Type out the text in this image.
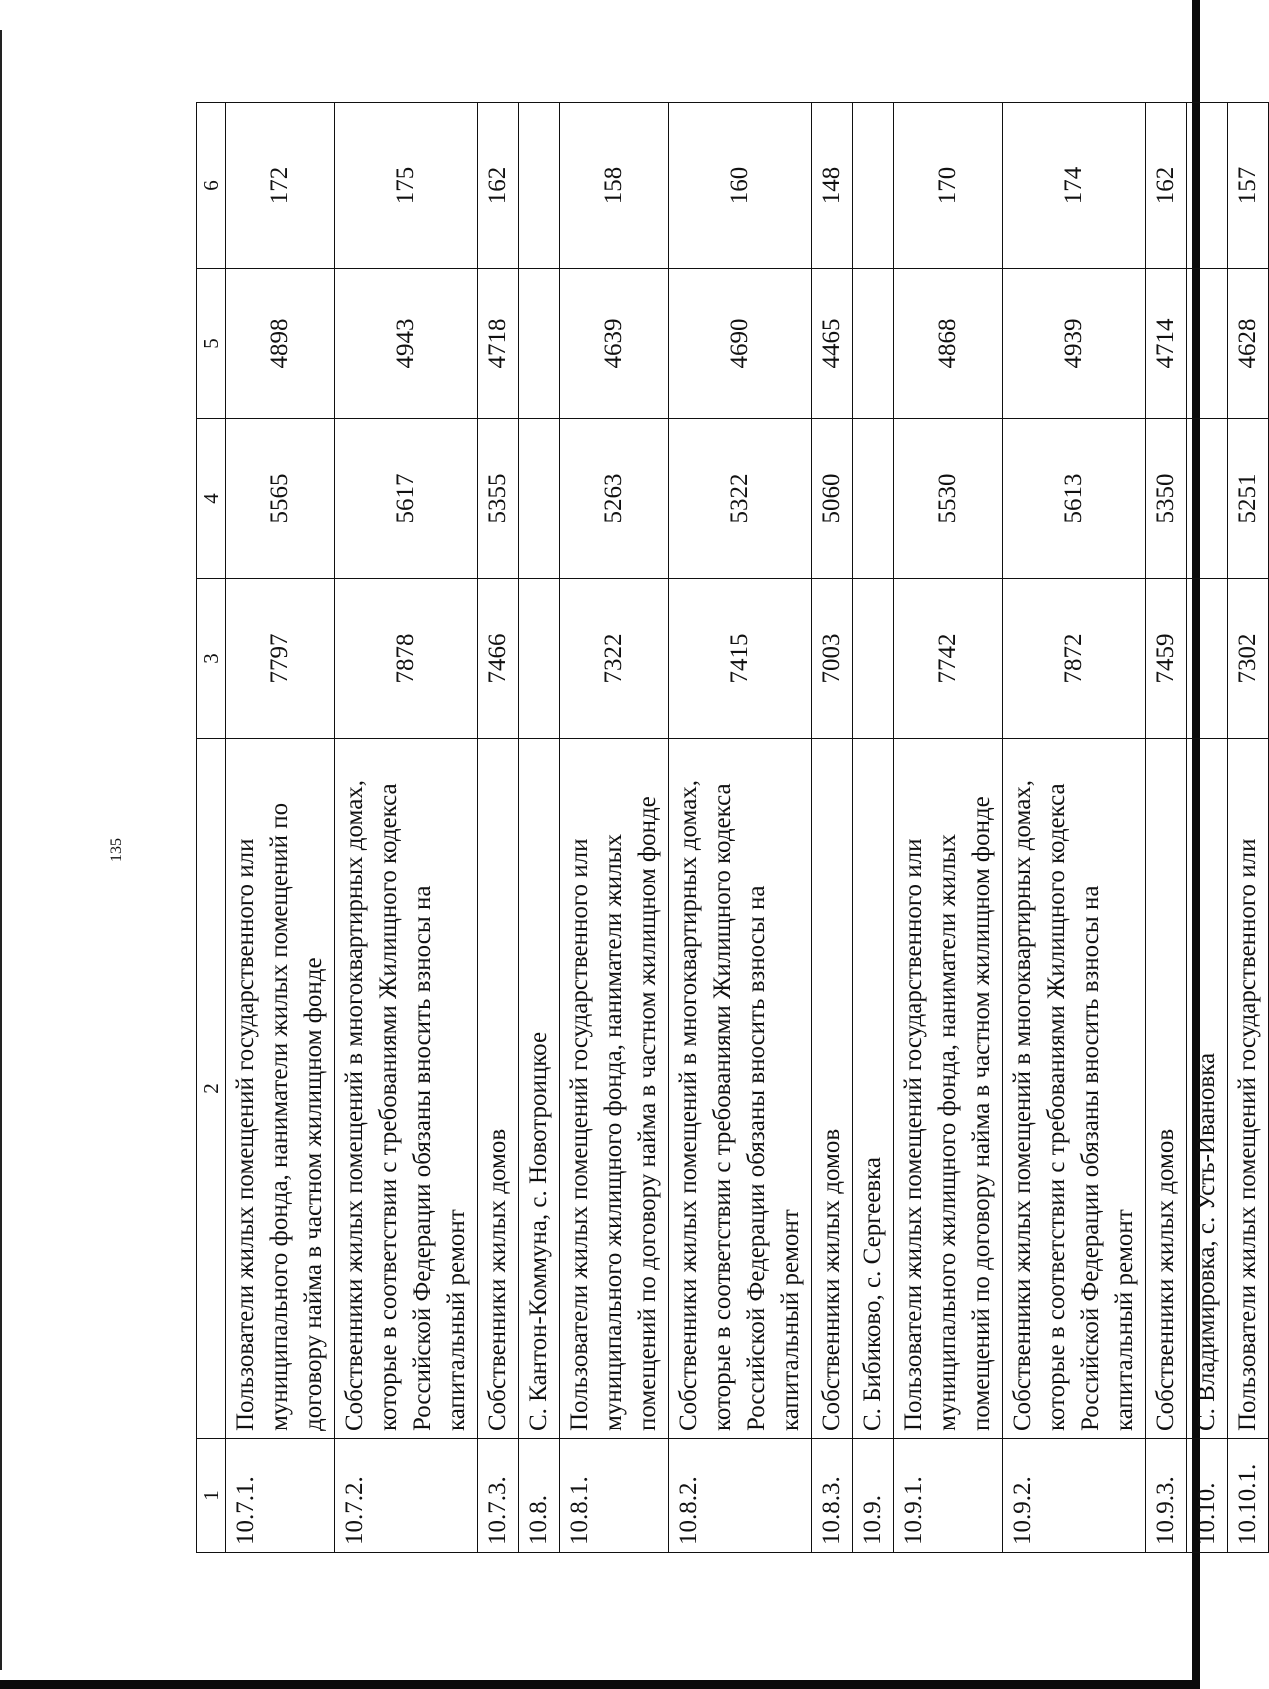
135
1	2	3	4	5	6
10.7.1.	Пользователи жилых помещений государственного или муниципального фонда, наниматели жилых помещений по договору найма в частном жилищном фонде	7797	5565	4898	172
10.7.2.	Собственники жилых помещений в многоквартирных домах, которые в соответствии с требованиями Жилищного кодекса Российской Федерации обязаны вносить взносы на капитальный ремонт	7878	5617	4943	175
10.7.3.	Собственники жилых домов	7466	5355	4718	162
10.8.	С. Кантон-Коммуна, с. Новотроицкое				
10.8.1.	Пользователи жилых помещений государственного или муниципального жилищного фонда, наниматели жилых помещений по договору найма в частном жилищном фонде	7322	5263	4639	158
10.8.2.	Собственники жилых помещений в многоквартирных домах, которые в соответствии с требованиями Жилищного кодекса Российской Федерации обязаны вносить взносы на капитальный ремонт	7415	5322	4690	160
10.8.3.	Собственники жилых домов	7003	5060	4465	148
10.9.	С. Бибиково, с. Сергеевка				
10.9.1.	Пользователи жилых помещений государственного или муниципального жилищного фонда, наниматели жилых помещений по договору найма в частном жилищном фонде	7742	5530	4868	170
10.9.2.	Собственники жилых помещений в многоквартирных домах, которые в соответствии с требованиями Жилищного кодекса Российской Федерации обязаны вносить взносы на капитальный ремонт	7872	5613	4939	174
10.9.3.	Собственники жилых домов	7459	5350	4714	162
10.10.	С. Владимировка, с. Усть-Ивановка				
10.10.1.	Пользователи жилых помещений государственного или	7302	5251	4628	157
